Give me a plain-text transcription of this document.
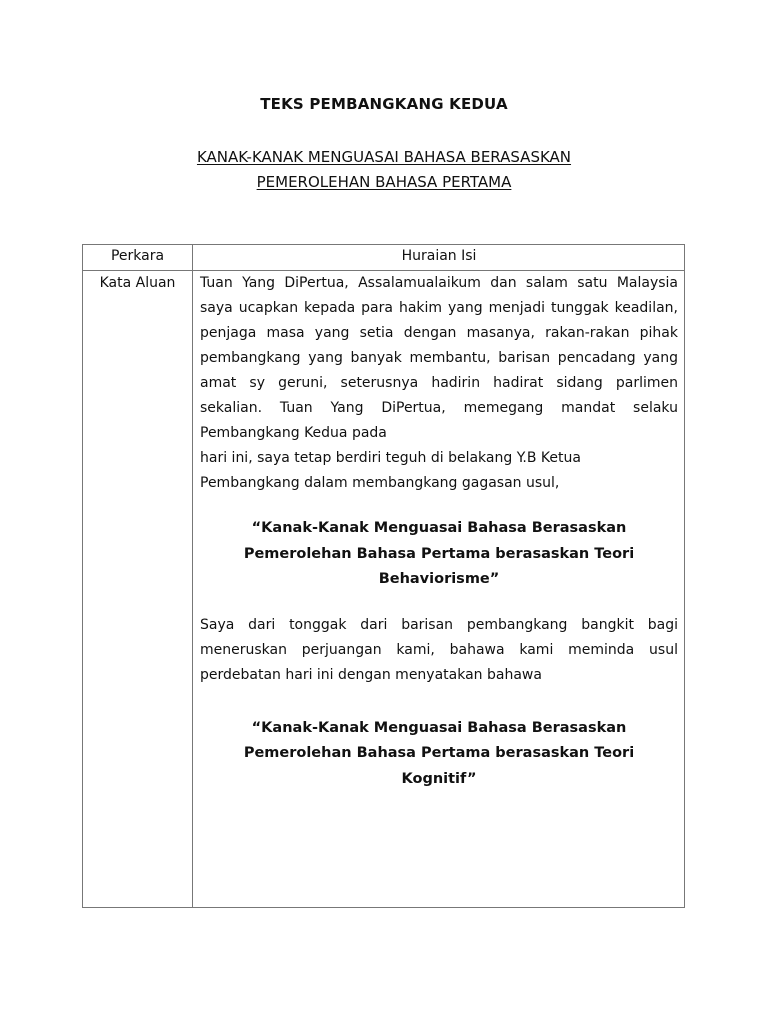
TEKS PEMBANGKANG KEDUA
KANAK-KANAK MENGUASAI BAHASA BERASASKAN
PEMEROLEHAN BAHASA PERTAMA
Perkara	Huraian Isi
Kata Aluan	Tuan Yang DiPertua, Assalamualaikum dan salam satu Malaysia saya ucapkan kepada para hakim yang menjadi tunggak keadilan, penjaga masa yang setia dengan masanya, rakan-rakan pihak pembangkang yang banyak membantu, barisan pencadang yang amat sy geruni, seterusnya hadirin hadirat sidang parlimen sekalian. Tuan Yang DiPertua, memegang mandat selaku Pembangkang Kedua pada

hari ini, saya tetap berdiri teguh di belakang Y.B Ketua

Pembangkang dalam membangkang gagasan usul,

“Kanak-Kanak Menguasai Bahasa Berasaskan Pemerolehan Bahasa Pertama berasaskan Teori Behaviorisme”

Saya dari tonggak dari barisan pembangkang bangkit bagi meneruskan perjuangan kami, bahawa kami meminda usul perdebatan hari ini dengan menyatakan bahawa

“Kanak-Kanak Menguasai Bahasa Berasaskan Pemerolehan Bahasa Pertama berasaskan Teori Kognitif”
